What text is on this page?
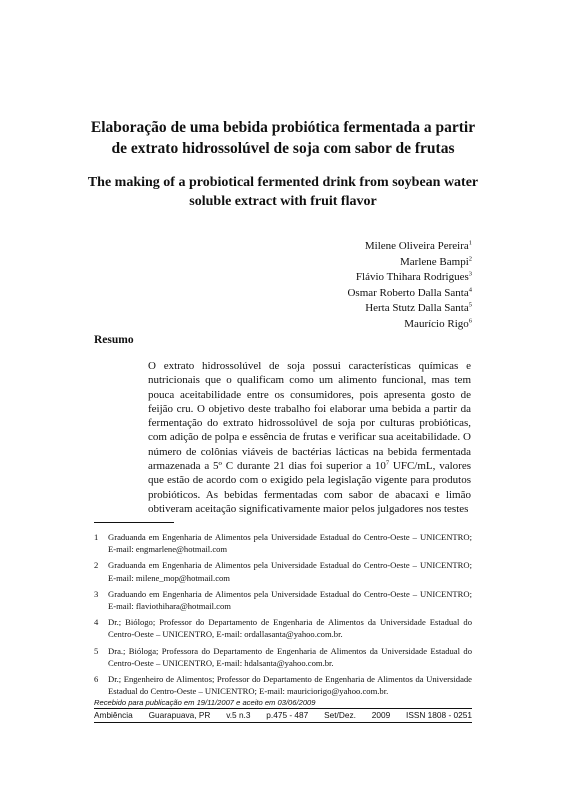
Elaboração de uma bebida probiótica fermentada a partir
de extrato hidrossolúvel de soja com sabor de frutas
The making of a probiotical fermented drink from soybean water
soluble extract with fruit flavor
Milene Oliveira Pereira$^1$
Marlene Bampi$^2$
Flávio Thihara Rodrigues$^3$
Osmar Roberto Dalla Santa$^4$
Herta Stutz Dalla Santa$^5$
Maurício Rigo$^6$
Resumo
O extrato hidrossolúvel de soja possui características químicas e nutricionais que o qualificam como um alimento funcional, mas tem pouca aceitabilidade entre os consumidores, pois apresenta gosto de feijão cru. O objetivo deste trabalho foi elaborar uma bebida a partir da fermentação do extrato hidrossolúvel de soja por culturas probióticas, com adição de polpa e essência de frutas e verificar sua aceitabilidade. O número de colônias viáveis de bactérias lácticas na bebida fermentada armazenada a 5º C durante 21 dias foi superior a $10^7$ UFC/mL, valores que estão de acordo com o exigido pela legislação vigente para produtos probióticos. As bebidas fermentadas com sabor de abacaxi e limão obtiveram aceitação significativamente maior pelos julgadores nos testes
1	Graduanda em Engenharia de Alimentos pela Universidade Estadual do Centro-Oeste – UNICENTRO; E-mail: engmarlene@hotmail.com
2	Graduanda em Engenharia de Alimentos pela Universidade Estadual do Centro-Oeste – UNICENTRO; E-mail: milene_mop@hotmail.com
3	Graduando em Engenharia de Alimentos pela Universidade Estadual do Centro-Oeste – UNICENTRO; E-mail: flaviothihara@hotmail.com
4	Dr.; Biólogo; Professor do Departamento de Engenharia de Alimentos da Universidade Estadual do Centro-Oeste – UNICENTRO, E-mail: ordallasanta@yahoo.com.br.
5	Dra.; Bióloga; Professora do Departamento de Engenharia de Alimentos da Universidade Estadual do Centro-Oeste – UNICENTRO, E-mail: hdalsanta@yahoo.com.br.
6	Dr.; Engenheiro de Alimentos; Professor do Departamento de Engenharia de Alimentos da Universidade Estadual do Centro-Oeste – UNICENTRO; E-mail: mauriciorigo@yahoo.com.br.
Recebido para publicação em 19/11/2007 e aceito em 03/06/2009
Ambiência Guarapuava, PR v.5 n.3 p.475 - 487 Set/Dez. 2009 ISSN 1808 - 0251
